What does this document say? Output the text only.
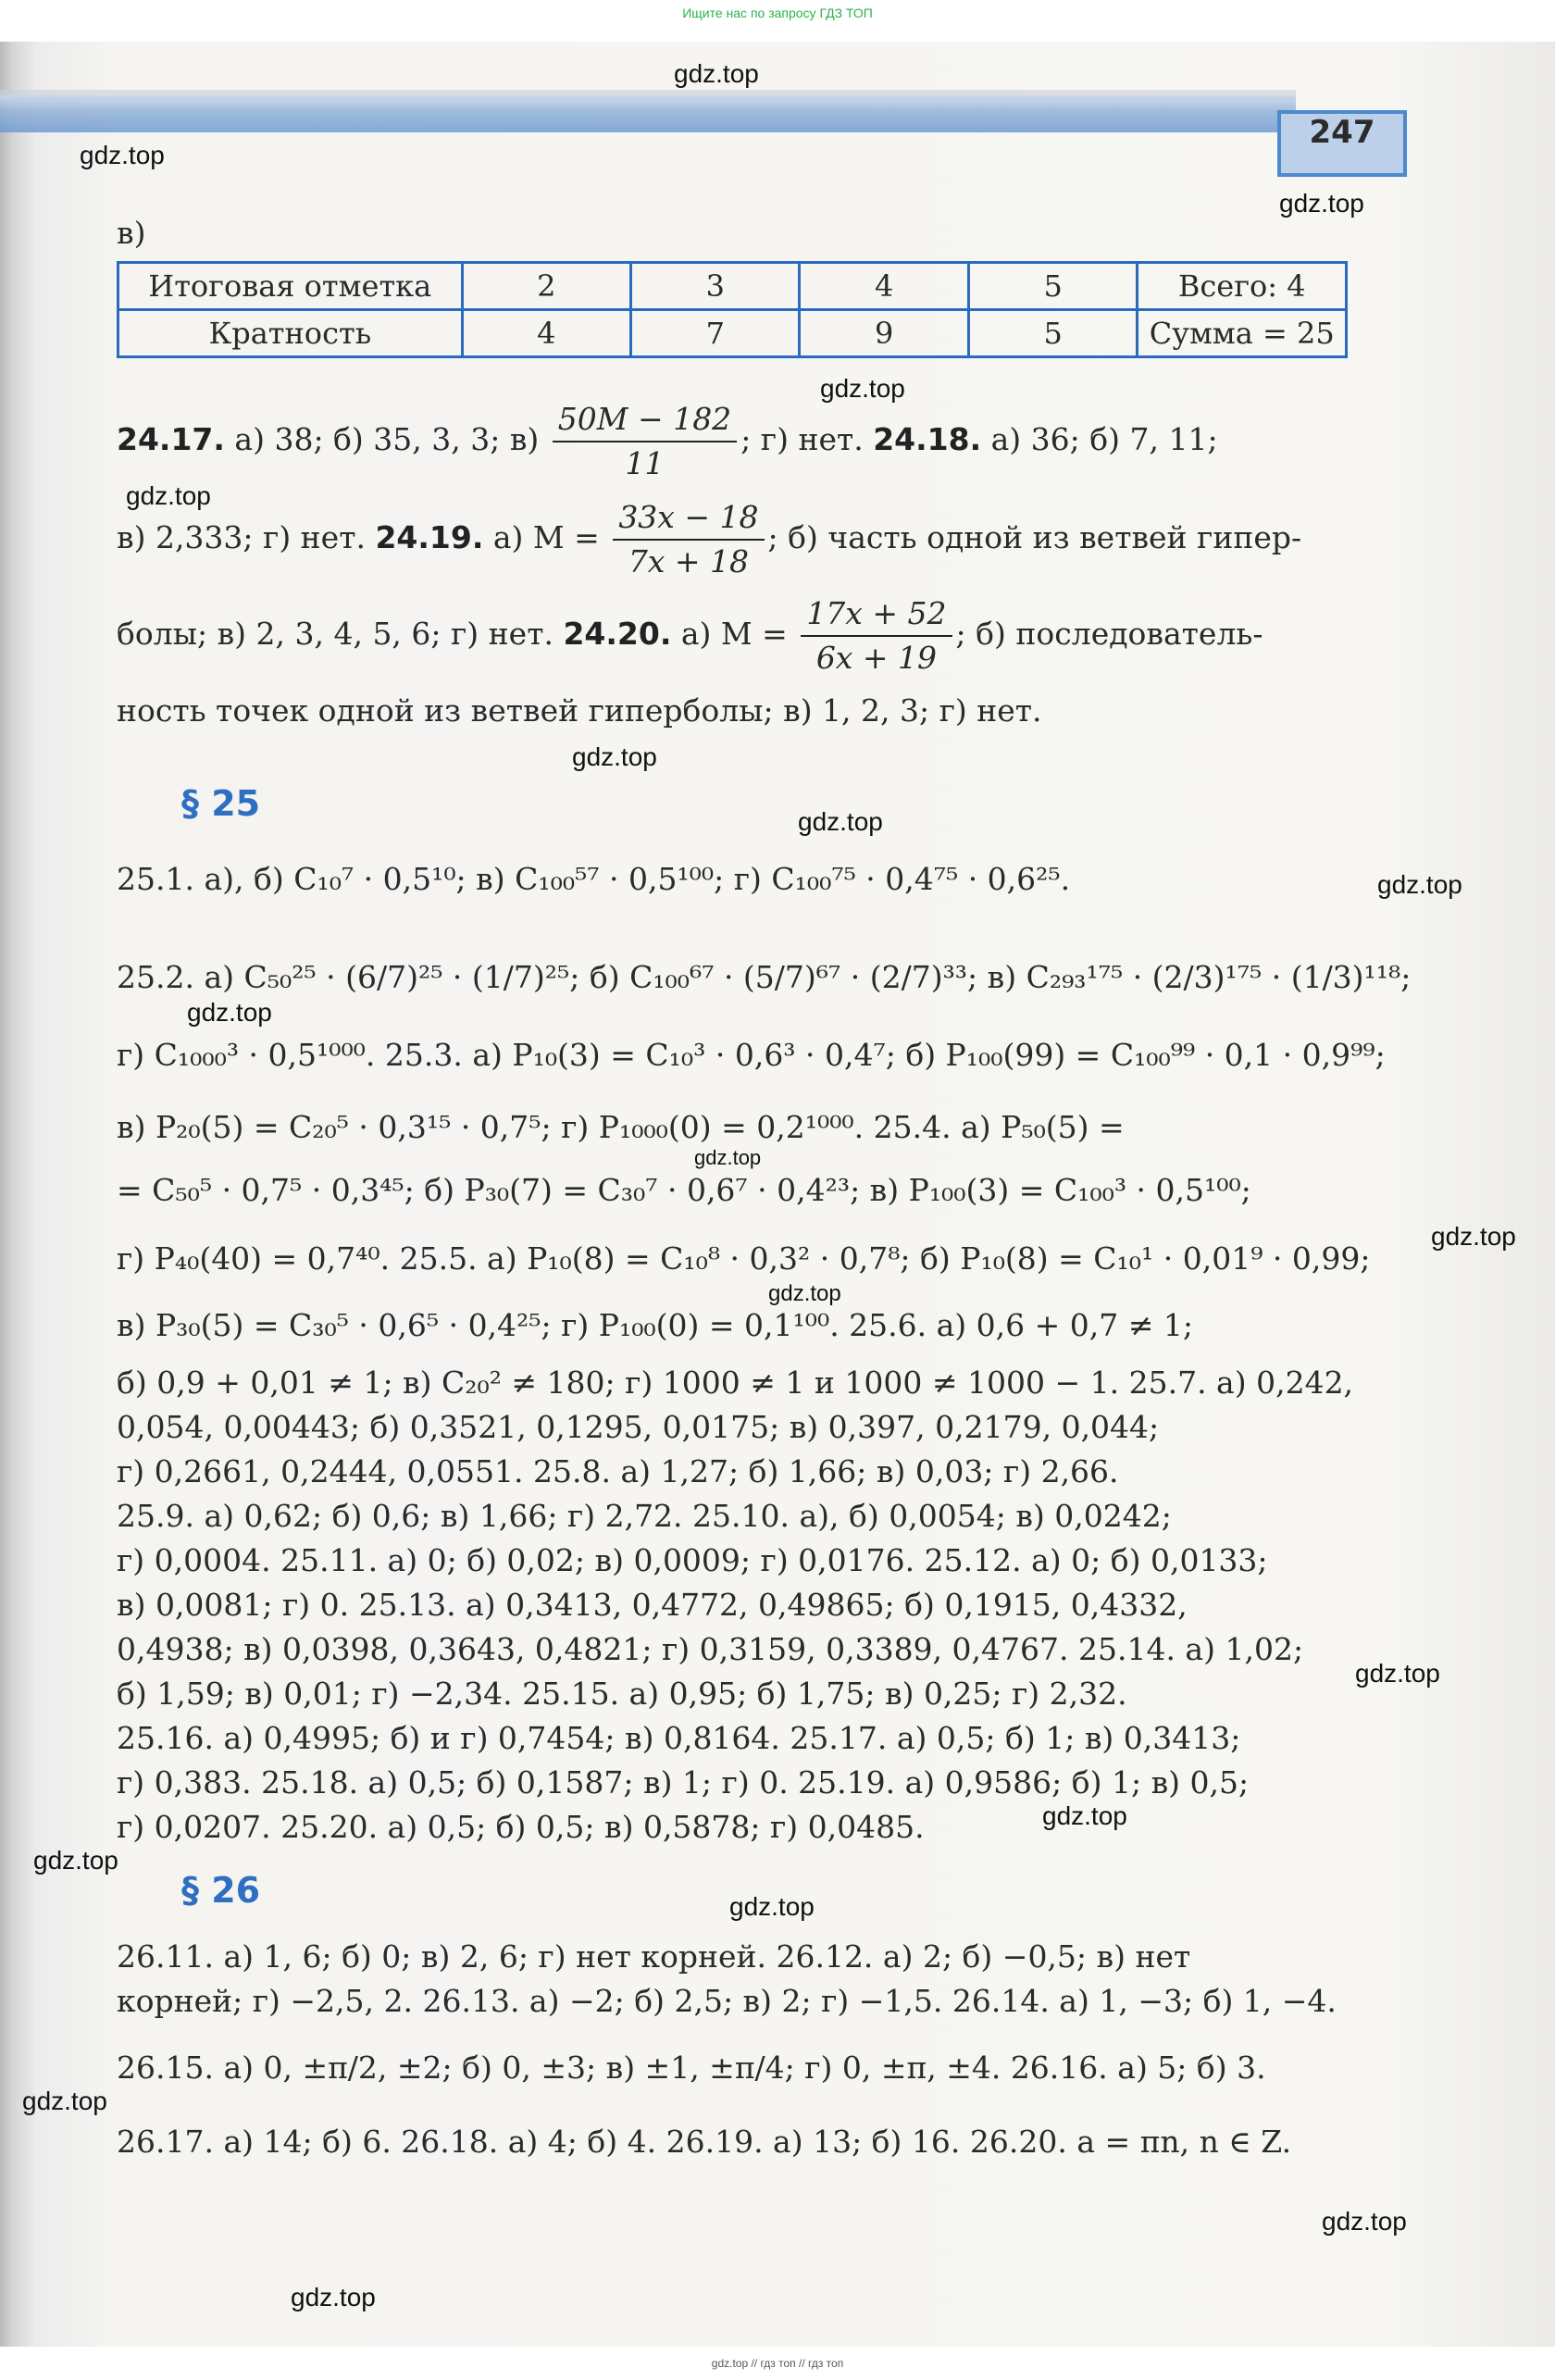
Ищите нас по запросу ГДЗ ТОП
247
gdz.top
gdz.top
gdz.top
gdz.top
gdz.top
gdz.top
gdz.top
gdz.top
gdz.top
gdz.top
gdz.top
gdz.top
gdz.top
gdz.top
gdz.top
gdz.top
gdz.top
gdz.top
gdz.top
в)
Итоговая отметка	2	3	4	5	Всего: 4
Кратность	4	7	9	5	Сумма = 25
24.17. а) 38; б) 35, 3, 3; $в) \frac{50M - 182}{11}$ ; г) нет. 24.18. а) 36; б) 7, 11;
в) 2,333; г) нет. 24.19. а) $M = \frac{33x - 18}{7x + 18}$ ; б) часть одной из ветвей гипер-
болы; в) 2, 3, 4, 5, 6; г) нет. 24.20. а) $M = \frac{17x + 52}{6x + 19}$ ; б) последователь-
ность точек одной из ветвей гиперболы; в) 1, 2, 3; г) нет.
§ 25
25.1. а), б) C₁₀⁷ · 0,5¹⁰; в) C₁₀₀⁵⁷ · 0,5¹⁰⁰; г) C₁₀₀⁷⁵ · 0,4⁷⁵ · 0,6²⁵.
25.2. а) C₅₀²⁵ · (6/7)²⁵ · (1/7)²⁵; б) C₁₀₀⁶⁷ · (5/7)⁶⁷ · (2/7)³³; в) C₂₉₃¹⁷⁵ · (2/3)¹⁷⁵ · (1/3)¹¹⁸;
г) C₁₀₀₀³ · 0,5¹⁰⁰⁰. 25.3. а) P₁₀(3) = C₁₀³ · 0,6³ · 0,4⁷; б) P₁₀₀(99) = C₁₀₀⁹⁹ · 0,1 · 0,9⁹⁹;
в) P₂₀(5) = C₂₀⁵ · 0,3¹⁵ · 0,7⁵; г) P₁₀₀₀(0) = 0,2¹⁰⁰⁰. 25.4. а) P₅₀(5) =
= C₅₀⁵ · 0,7⁵ · 0,3⁴⁵; б) P₃₀(7) = C₃₀⁷ · 0,6⁷ · 0,4²³; в) P₁₀₀(3) = C₁₀₀³ · 0,5¹⁰⁰;
г) P₄₀(40) = 0,7⁴⁰. 25.5. а) P₁₀(8) = C₁₀⁸ · 0,3² · 0,7⁸; б) P₁₀(8) = C₁₀¹ · 0,01⁹ · 0,99;
в) P₃₀(5) = C₃₀⁵ · 0,6⁵ · 0,4²⁵; г) P₁₀₀(0) = 0,1¹⁰⁰. 25.6. а) 0,6 + 0,7 ≠ 1;
б) 0,9 + 0,01 ≠ 1; в) C₂₀² ≠ 180; г) 1000 ≠ 1 и 1000 ≠ 1000 − 1. 25.7. а) 0,242,
0,054, 0,00443; б) 0,3521, 0,1295, 0,0175; в) 0,397, 0,2179, 0,044;
г) 0,2661, 0,2444, 0,0551. 25.8. а) 1,27; б) 1,66; в) 0,03; г) 2,66.
25.9. а) 0,62; б) 0,6; в) 1,66; г) 2,72. 25.10. а), б) 0,0054; в) 0,0242;
г) 0,0004. 25.11. а) 0; б) 0,02; в) 0,0009; г) 0,0176. 25.12. а) 0; б) 0,0133;
в) 0,0081; г) 0. 25.13. а) 0,3413, 0,4772, 0,49865; б) 0,1915, 0,4332,
0,4938; в) 0,0398, 0,3643, 0,4821; г) 0,3159, 0,3389, 0,4767. 25.14. а) 1,02;
б) 1,59; в) 0,01; г) −2,34. 25.15. а) 0,95; б) 1,75; в) 0,25; г) 2,32.
25.16. а) 0,4995; б) и г) 0,7454; в) 0,8164. 25.17. а) 0,5; б) 1; в) 0,3413;
г) 0,383. 25.18. а) 0,5; б) 0,1587; в) 1; г) 0. 25.19. а) 0,9586; б) 1; в) 0,5;
г) 0,0207. 25.20. а) 0,5; б) 0,5; в) 0,5878; г) 0,0485.
§ 26
26.11. а) 1, 6; б) 0; в) 2, 6; г) нет корней. 26.12. а) 2; б) −0,5; в) нет
корней; г) −2,5, 2. 26.13. а) −2; б) 2,5; в) 2; г) −1,5. 26.14. а) 1, −3; б) 1, −4.
26.15. а) 0, ±π/2, ±2; б) 0, ±3; в) ±1, ±π/4; г) 0, ±π, ±4. 26.16. а) 5; б) 3.
26.17. а) 14; б) 6. 26.18. а) 4; б) 4. 26.19. а) 13; б) 16. 26.20. a = πn, n ∈ Z.
gdz.top // гдз топ // гдз топ
